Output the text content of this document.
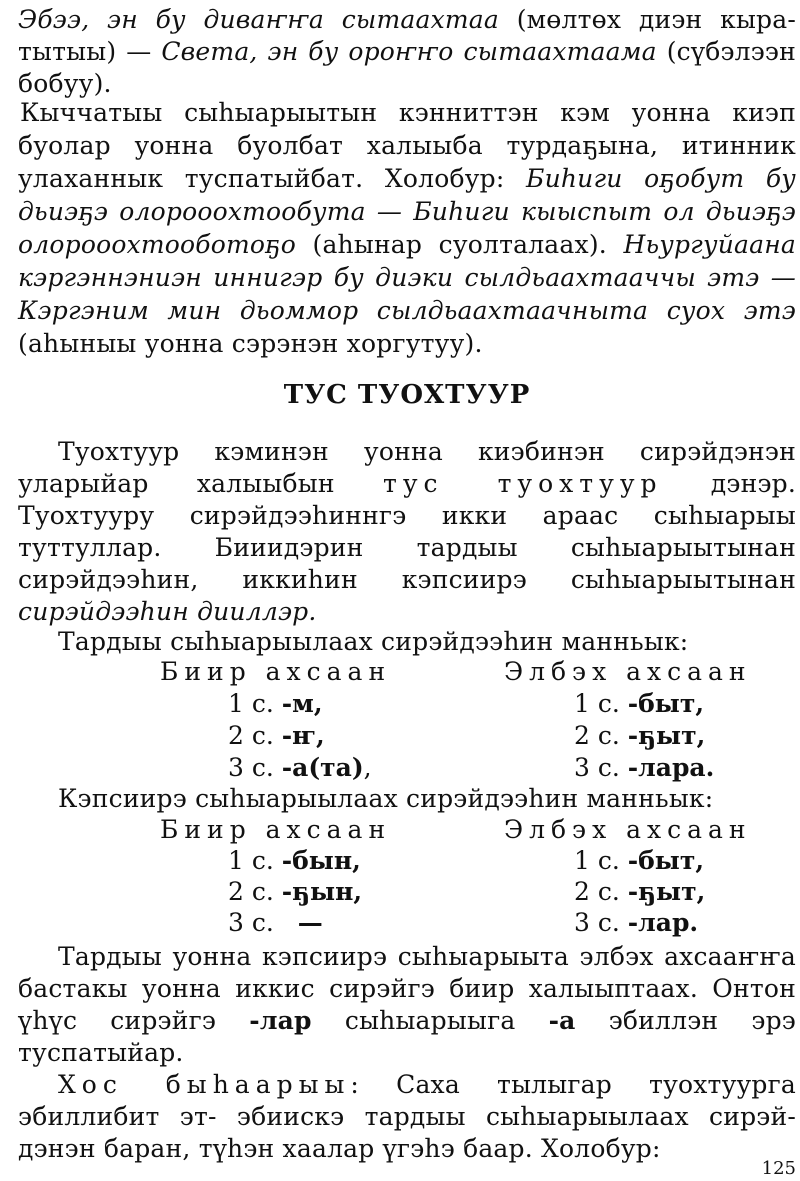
Эбээ, эн бу диваҥҥа сытаахтаа (мөлтөх диэн кыра-
тытыы) — Света, эн бу ороҥҥо сытаахтаама (сүбэлээн
бобуу).
Кыччатыы сыһыарыытын кэнниттэн кэм уонна киэп
буолар уонна буолбат халыыба турдаҕына, итинник
улаханнык туспатыйбат. Холобур: Биһиги оҕобут бу
дьиэҕэ олорооохтообута — Биһиги кыыспыт ол дьиэҕэ
олорооохтооботоҕо (аһынар суолталаах). Ньургуйаана
кэргэннэниэн иннигэр бу диэки сылдьаахтааччы этэ —
Кэргэним мин дьоммор сылдьаахтаачныта суох этэ
(аһыныы уонна сэрэнэн хоргутуу).
ТУС ТУОХТУУР
Туохтуур кэминэн уонна киэбинэн сирэйдэнэн
уларыйар халыыбын тус туохтуур дэнэр.
Туохтууру сирэйдээһиннгэ икки араас сыһыарыы
туттуллар. Бииидэрин тардыы сыһыарыытынан
сирэйдээһин, иккиһин кэпсиирэ сыһыарыытынан
сирэйдээһин дииллэр.
Тардыы сыһыарыылаах сирэйдээһин манньык:
Биир ахсаан	Элбэх ахсаан
1 с. -м,	1 с. -быт,
2 с. -ҥ,	2 с. -ҕыт,
3 с. -а(та),	3 с. -лара.
Кэпсиирэ сыһыарыылаах сирэйдээһин манньык:
Биир ахсаан	Элбэх ахсаан
1 с. -бын,	1 с. -быт,
2 с. -ҕын,	2 с. -ҕыт,
3 с. —	3 с. -лар.
Тардыы уонна кэпсиирэ сыһыарыыта элбэх ахсааҥҥа
бастакы уонна иккис сирэйгэ биир халыыптаах. Онтон
үһүс сирэйгэ -лар сыһыарыыга -а эбиллэн эрэ
туспатыйар.
Хос быһаарыы: Саха тылыгар туохтуурга
эбиллибит эт- эбиискэ тардыы сыһыарыылаах сирэй-
дэнэн баран, түһэн хаалар үгэһэ баар. Холобур:
125
